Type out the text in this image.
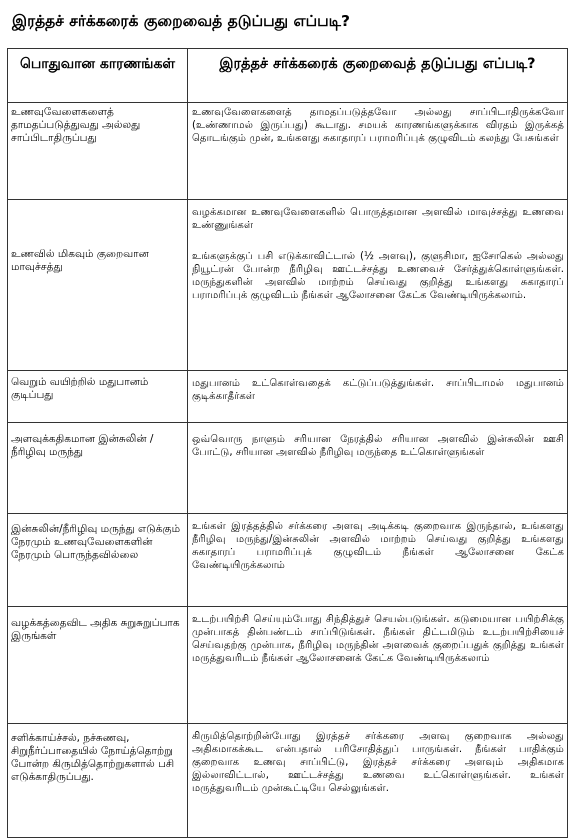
இரத்தச் சர்க்கரைக் குறைவைத் தடுப்பது எப்படி?
பொதுவான காரணங்கள்	இரத்தச் சர்க்கரைக் குறைவைத் தடுப்பது எப்படி?
உணவுவேளைகளைத் தாமதப்படுத்துவது அல்லது சாப்பிடாதிருப்பது	உணவுவேளைகளைத் தாமதப்படுத்தவோ அல்லது சாப்பிடாதிருக்கவோ (உண்ணாமல் இருப்பது) கூடாது. சமயக் காரணங்களுக்காக விரதம் இருக்கத் தொடங்கும் முன், உங்களது சுகாதாரப் பராமரிப்புக் குழுவிடம் கலந்து பேசுங்கள்
உணவில் மிகவும் குறைவான மாவுச்சத்து	வழக்கமான உணவுவேளைகளில் பொருத்தமான அளவில் மாவுச்சத்து உணவை உண்ணுங்கள்
உங்களுக்குப் பசி எடுக்காவிட்டால் (½ அளவு), குளுசிமா, ஐசோகெல் அல்லது நியூட்ரன் போன்ற நீரிழிவு ஊட்டச்சத்து உணவைச் சேர்த்துக்கொள்ளுங்கள். மருந்துகளின் அளவில் மாற்றம் செய்வது குறித்து உங்களது சுகாதாரப் பராமரிப்புக் குழுவிடம் நீங்கள் ஆலோசனை கேட்க வேண்டியிருக்கலாம்.

வெறும் வயிற்றில் மதுபானம் குடிப்பது	மதுபானம் உட்கொள்வதைக் கட்டுப்படுத்துங்கள். சாப்பிடாமல் மதுபானம் குடிக்காதீர்கள்
அளவுக்கதிகமான இன்சுலின் / நீரிழிவு மருந்து	ஒவ்வொரு நாளும் சரியான நேரத்தில் சரியான அளவில் இன்சுலின் ஊசி போட்டு, சரியான அளவில் நீரிழிவு மருந்தை உட்கொள்ளுங்கள்
இன்சுலின்/நீரிழிவு மருந்து எடுக்கும் நேரமும் உணவுவேளைகளின் நேரமும் பொருந்தவில்லை	உங்கள் இரத்தத்தில் சர்க்கரை அளவு அடிக்கடி குறைவாக இருந்தால், உங்களது நீரிழிவு மருந்து/இன்சுலின் அளவில் மாற்றம் செய்வது குறித்து உங்களது சுகாதாரப் பராமரிப்புக் குழுவிடம் நீங்கள் ஆலோசனை கேட்க வேண்டியிருக்கலாம்
வழக்கத்தைவிட அதிக சுறுசுறுப்பாக இருங்கள்	உடற்பயிற்சி செய்யும்போது சிந்தித்துச் செயல்படுங்கள். கடுமையான பயிற்சிக்கு முன்பாகத் தின்பண்டம் சாப்பிடுங்கள். நீங்கள் திட்டமிடும் உடற்பயிற்சியைச் செய்வதற்கு முன்பாக, நீரிழிவு மருந்தின் அளவைக் குறைப்பதுக் குறித்து உங்கள் மருத்துவரிடம் நீங்கள் ஆலோசனைக் கேட்க வேண்டியிருக்கலாம்
சளிக்காய்ச்சல், நச்சுணவு, சிறுநீர்ப்பாதையில் நோய்த்தொற்று போன்ற கிருமித்தொற்றுகளால் பசி எடுக்காதிருப்பது.	கிருமித்தொற்றின்போது இரத்தச் சர்க்கரை அளவு குறைவாக அல்லது அதிகமாகக்கூட என்பதால் பரிசோதித்துப் பாருங்கள். நீங்கள் பாதிக்கும் குறைவாக உணவு சாப்பிட்டு, இரத்தச் சர்க்கரை அளவும் அதிகமாக இல்லாவிட்டால், ஊட்டச்சத்து உணவை உட்கொள்ளுங்கள். உங்கள் மருத்துவரிடம் முன்கூட்டியே செல்லுங்கள்.
